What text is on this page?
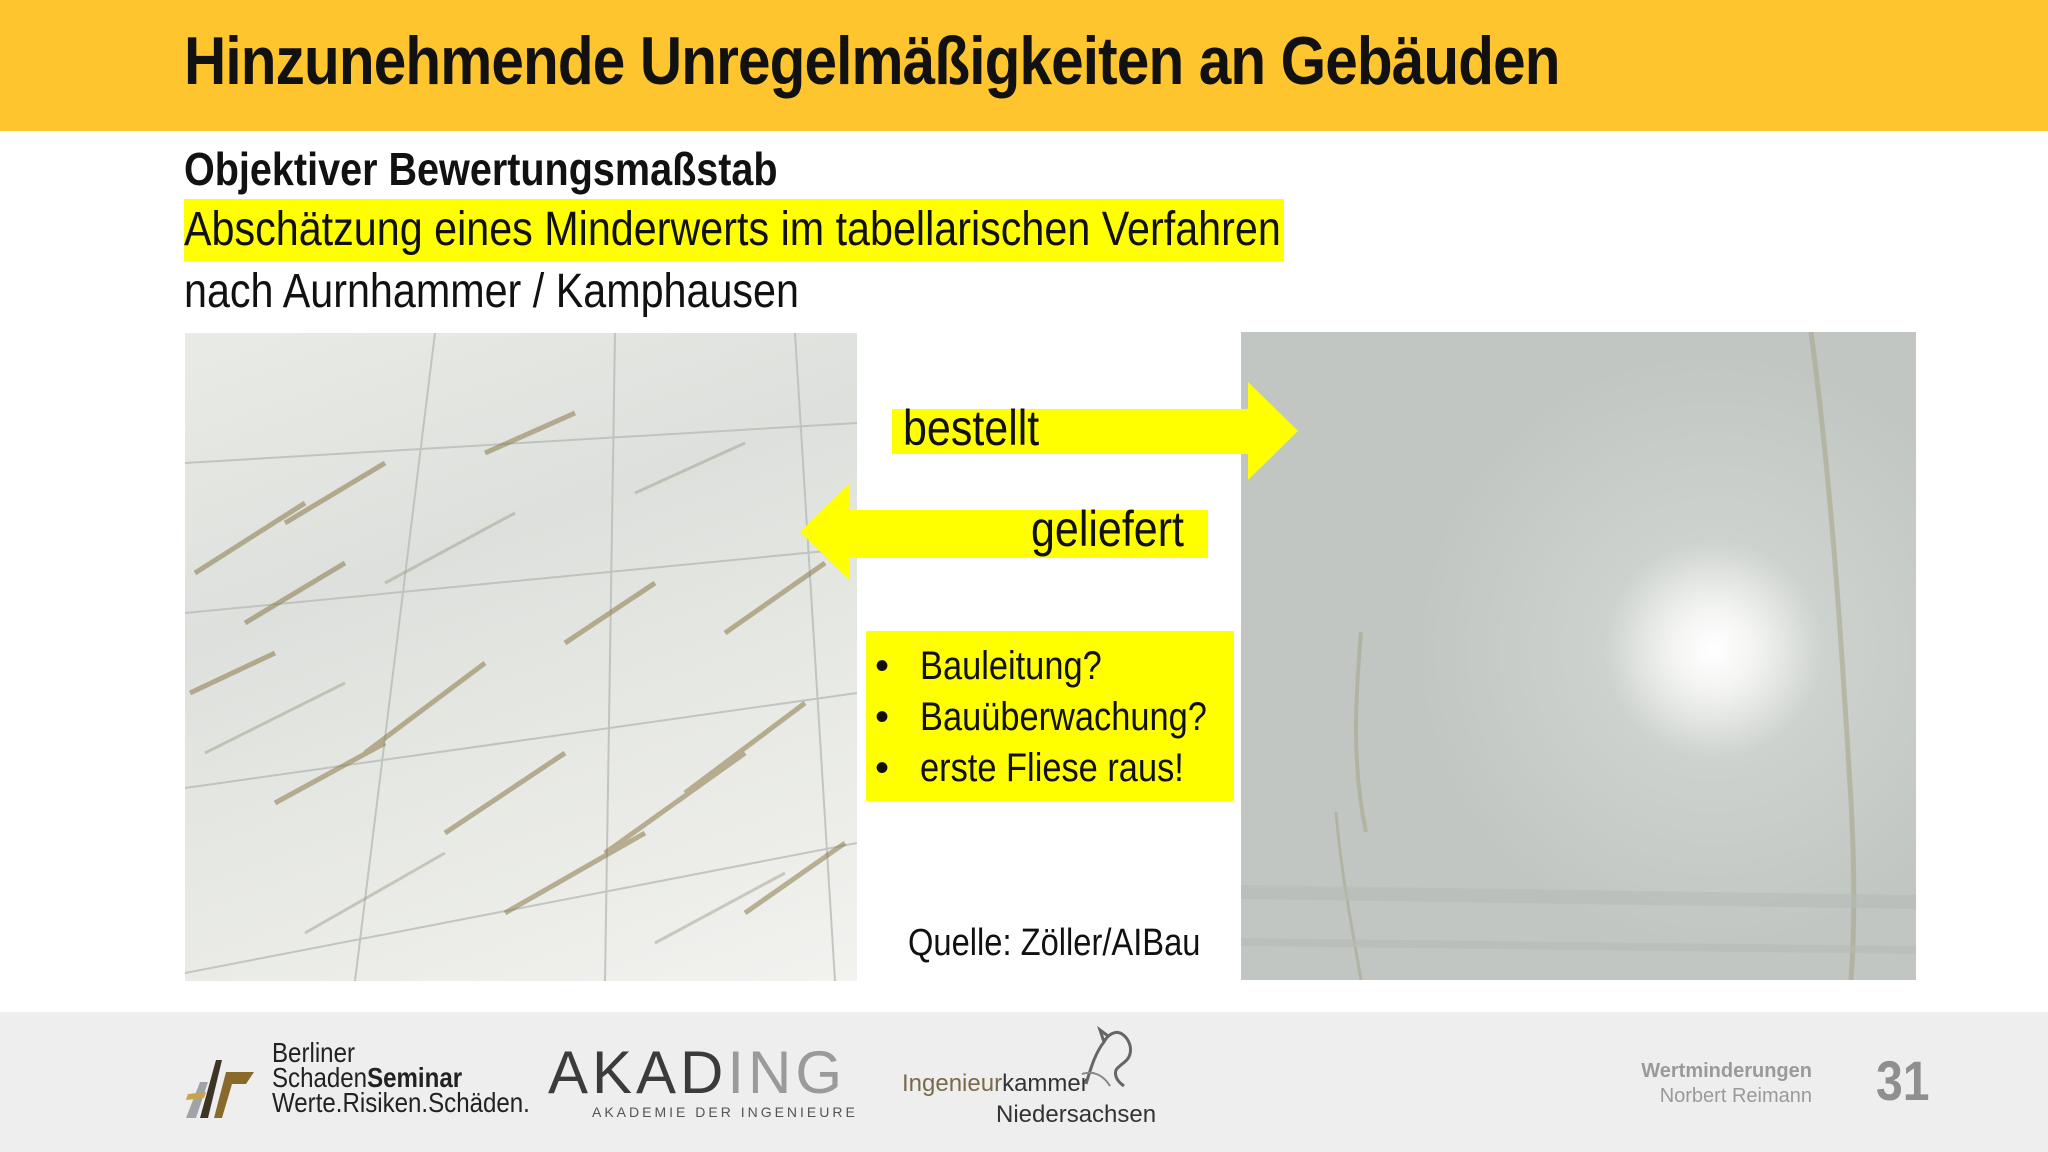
Hinzunehmende Unregelmäßigkeiten an Gebäuden
Objektiver Bewertungsmaßstab
Abschätzung eines Minderwerts im tabellarischen Verfahren
nach Aurnhammer / Kamphausen
bestellt
geliefert
• Bauleitung?
• Bauüberwachung?
• erste Fliese raus!
Quelle: Zöller/AIBau
Berliner
SchadenSeminar
Werte.Risiken.Schäden. AKADING
AKADEMIE DER INGENIEURE
Ingenieurkammer
Niedersachsen
Wertminderungen
Norbert Reimann 31
